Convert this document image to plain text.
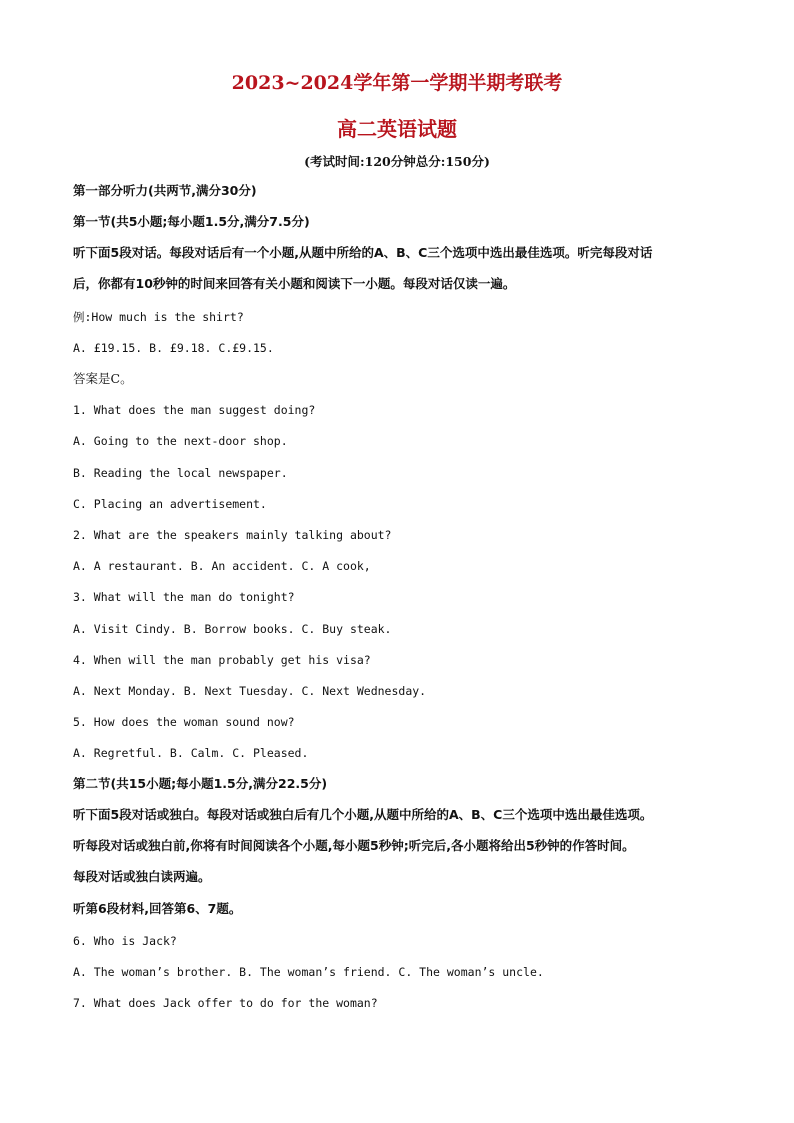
2023~2024学年第一学期半期考联考
高二英语试题
(考试时间:120分钟总分:150分)
第一部分听力(共两节,满分30分)
第一节(共5小题;每小题1.5分,满分7.5分)
听下面5段对话。每段对话后有一个小题,从题中所给的A、B、C三个选项中选出最佳选项。听完每段对话
后，你都有10秒钟的时间来回答有关小题和阅读下一小题。每段对话仅读一遍。
例:How much is the shirt?
A. £19.15. B. £9.18. C.£9.15.
答案是C。
1. What does the man suggest doing?
A. Going to the next-door shop.
B. Reading the local newspaper.
C. Placing an advertisement.
2. What are the speakers mainly talking about?
A. A restaurant. B. An accident. C. A cook,
3. What will the man do tonight?
A. Visit Cindy. B. Borrow books. C. Buy steak.
4. When will the man probably get his visa?
A. Next Monday. B. Next Tuesday. C. Next Wednesday.
5. How does the woman sound now?
A. Regretful. B. Calm. C. Pleased.
第二节(共15小题;每小题1.5分,满分22.5分)
听下面5段对话或独白。每段对话或独白后有几个小题,从题中所给的A、B、C三个选项中选出最佳选项。
听每段对话或独白前,你将有时间阅读各个小题,每小题5秒钟;听完后,各小题将给出5秒钟的作答时间。
每段对话或独白读两遍。
听第6段材料,回答第6、7题。
6. Who is Jack?
A. The woman’s brother. B. The woman’s friend. C. The woman’s uncle.
7. What does Jack offer to do for the woman?
